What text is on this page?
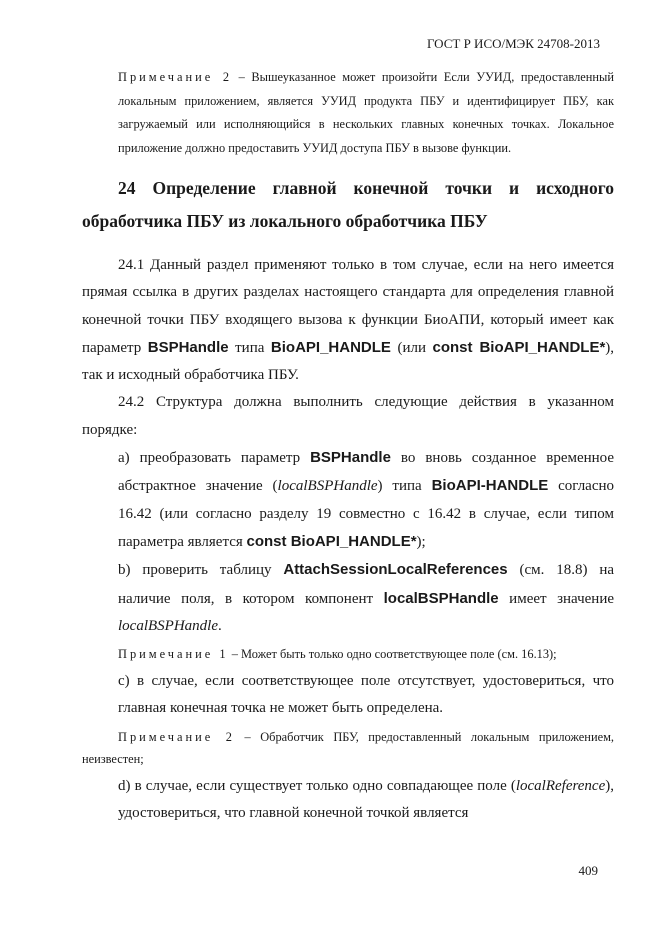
ГОСТ Р ИСО/МЭК 24708-2013
Примечание 2 – Вышеуказанное может произойти Если УУИД, предоставленный локальным приложением, является УУИД продукта ПБУ и идентифицирует ПБУ, как загружаемый или исполняющийся в нескольких главных конечных точках. Локальное приложение должно предоставить УУИД доступа ПБУ в вызове функции.
24 Определение главной конечной точки и исходного обработчика ПБУ из локального обработчика ПБУ

24.1 Данный раздел применяют только в том случае, если на него имеется прямая ссылка в других разделах настоящего стандарта для определения главной конечной точки ПБУ входящего вызова к функции БиоАПИ, который имеет как параметр BSPHandle типа BioAPI_HANDLE (или const BioAPI_HANDLE*), так и исходный обработчика ПБУ.

24.2 Структура должна выполнить следующие действия в указанном порядке:

а) преобразовать параметр BSPHandle во вновь созданное временное абстрактное значение (localBSPHandle) типа BioAPI-HANDLE согласно 16.42 (или согласно разделу 19 совместно с 16.42 в случае, если типом параметра является const BioAPI_HANDLE*);

b) проверить таблицу AttachSessionLocalReferences (см. 18.8) на наличие поля, в котором компонент localBSPHandle имеет значение localBSPHandle.

Примечание 1 – Может быть только одно соответствующее поле (см. 16.13);

c) в случае, если соответствующее поле отсутствует, удостовериться, что главная конечная точка не может быть определена.

Примечание 2 – Обработчик ПБУ, предоставленный локальным приложением, неизвестен;

d) в случае, если существует только одно совпадающее поле (localReference), удостовериться, что главной конечной точкой является

409
